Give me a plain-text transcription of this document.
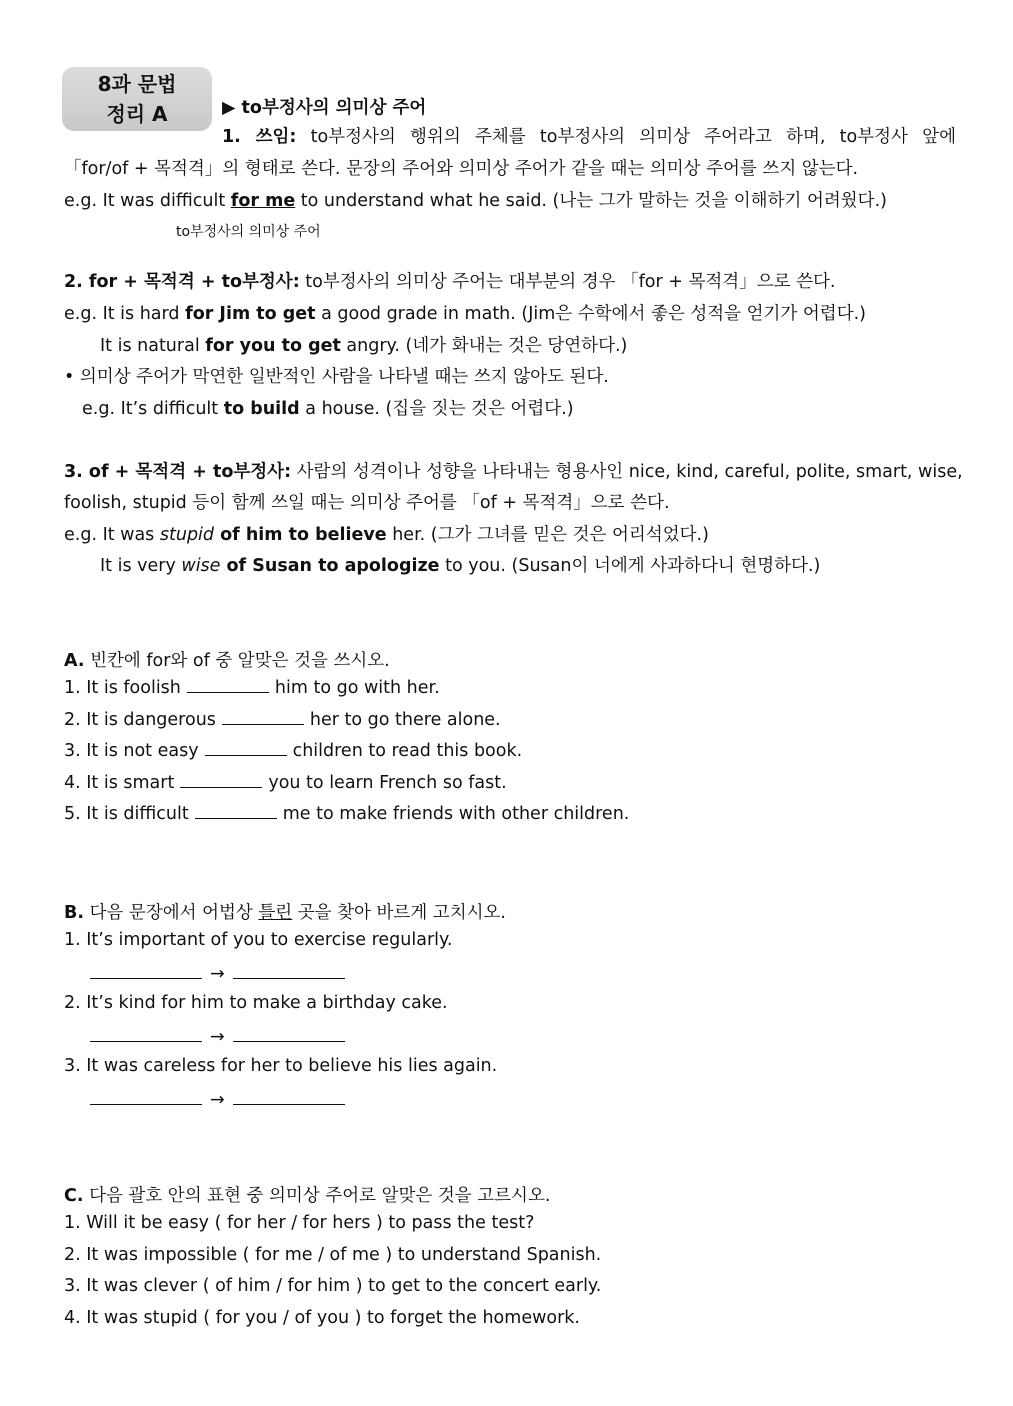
8과 문법
정리 A	▶ to부정사의 의미상 주어
1. 쓰임: to부정사의 행위의 주체를 to부정사의 의미상 주어라고 하며, to부정사 앞에
「for/of + 목적격」의 형태로 쓴다. 문장의 주어와 의미상 주어가 같을 때는 의미상 주어를 쓰지 않는다.
e.g. It was difficult for me to understand what he said. (나는 그가 말하는 것을 이해하기 어려웠다.)
to부정사의 의미상 주어
2. for + 목적격 + to부정사: to부정사의 의미상 주어는 대부분의 경우 「for + 목적격」으로 쓴다.
e.g. It is hard for Jim to get a good grade in math. (Jim은 수학에서 좋은 성적을 얻기가 어렵다.)
It is natural for you to get angry. (네가 화내는 것은 당연하다.)
• 의미상 주어가 막연한 일반적인 사람을 나타낼 때는 쓰지 않아도 된다.
e.g. It’s difficult to build a house. (집을 짓는 것은 어렵다.)
3. of + 목적격 + to부정사: 사람의 성격이나 성향을 나타내는 형용사인 nice, kind, careful, polite, smart, wise,
foolish, stupid 등이 함께 쓰일 때는 의미상 주어를 「of + 목적격」으로 쓴다.
e.g. It was stupid of him to believe her. (그가 그녀를 믿은 것은 어리석었다.)
It is very wise of Susan to apologize to you. (Susan이 너에게 사과하다니 현명하다.)
A. 빈칸에 for와 of 중 알맞은 것을 쓰시오.
1. It is foolish	him to go with her.
2. It is dangerous	her to go there alone.
3. It is not easy	children to read this book.
4. It is smart	you to learn French so fast.
5. It is difficult	me to make friends with other children.
B. 다음 문장에서 어법상 틀린 곳을 찾아 바르게 고치시오.
1. It’s important of you to exercise regularly.
→
2. It’s kind for him to make a birthday cake.
→
3. It was careless for her to believe his lies again.
→
C. 다음 괄호 안의 표현 중 의미상 주어로 알맞은 것을 고르시오.
1. Will it be easy ( for her / for hers ) to pass the test?
2. It was impossible ( for me / of me ) to understand Spanish.
3. It was clever ( of him / for him ) to get to the concert early.
4. It was stupid ( for you / of you ) to forget the homework.
